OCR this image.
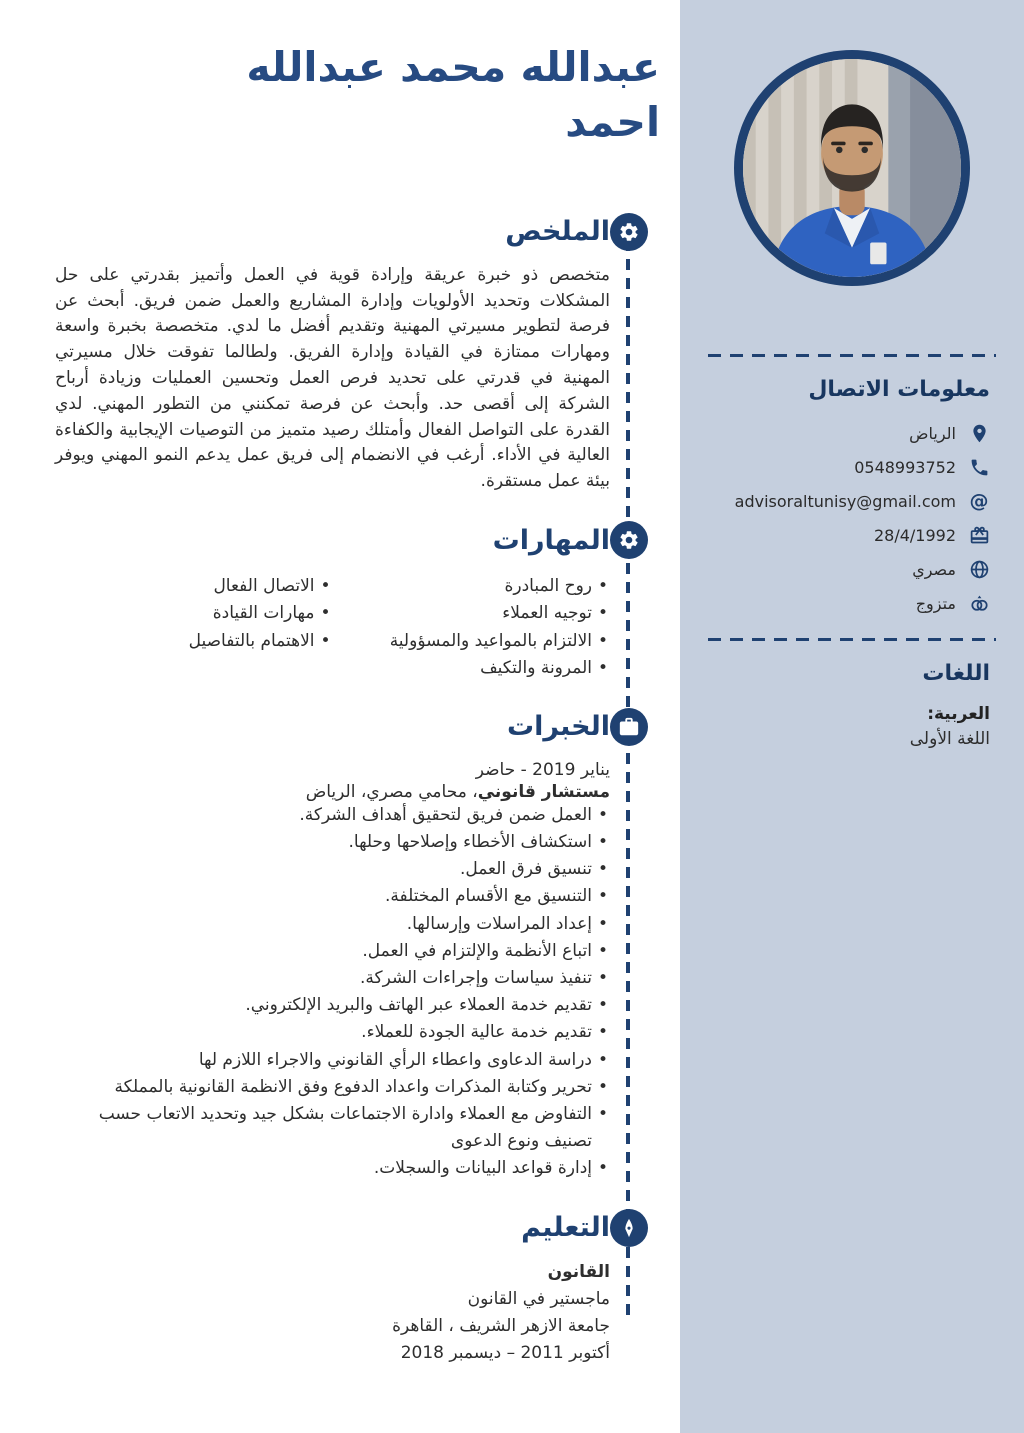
عبدالله محمد عبدالله احمد
الملخص
متخصص ذو خبرة عريقة وإرادة قوية في العمل وأتميز بقدرتي على حل المشكلات وتحديد الأولويات وإدارة المشاريع والعمل ضمن فريق. أبحث عن فرصة لتطوير مسيرتي المهنية وتقديم أفضل ما لدي. متخصصة بخبرة واسعة ومهارات ممتازة في القيادة وإدارة الفريق. ولطالما تفوقت خلال مسيرتي المهنية في قدرتي على تحديد فرص العمل وتحسين العمليات وزيادة أرباح الشركة إلى أقصى حد. وأبحث عن فرصة تمكنني من التطور المهني. لدي القدرة على التواصل الفعال وأمتلك رصيد متميز من التوصيات الإيجابية والكفاءة العالية في الأداء. أرغب في الانضمام إلى فريق عمل يدعم النمو المهني ويوفر بيئة عمل مستقرة.
المهارات
• روح المبادرة
• توجيه العملاء
• الالتزام بالمواعيد والمسؤولية
• المرونة والتكيف
• الاتصال الفعال
• مهارات القيادة
• الاهتمام بالتفاصيل
الخبرات
يناير 2019 - حاضر
مستشار قانوني، محامي مصري، الرياض
• العمل ضمن فريق لتحقيق أهداف الشركة.
• استكشاف الأخطاء وإصلاحها وحلها.
• تنسيق فرق العمل.
• التنسيق مع الأقسام المختلفة.
• إعداد المراسلات وإرسالها.
• اتباع الأنظمة والإلتزام في العمل.
• تنفيذ سياسات وإجراءات الشركة.
• تقديم خدمة العملاء عبر الهاتف والبريد الإلكتروني.
• تقديم خدمة عالية الجودة للعملاء.
• دراسة الدعاوى واعطاء الرأي القانوني والاجراء اللازم لها
• تحرير وكتابة المذكرات واعداد الدفوع وفق الانظمة القانونية بالمملكة
• التفاوض مع العملاء وادارة الاجتماعات بشكل جيد وتحديد الاتعاب حسب تصنيف ونوع الدعوى
• إدارة قواعد البيانات والسجلات.
التعليم
القانون
ماجستير في القانون
جامعة الازهر الشريف ، القاهرة
أكتوبر 2011 – ديسمبر 2018
معلومات الاتصال
الرياض
0548993752
@
advisoraltunisy@gmail.com
28/4/1992
مصري
متزوج
اللغات
العربية:
اللغة الأولى
